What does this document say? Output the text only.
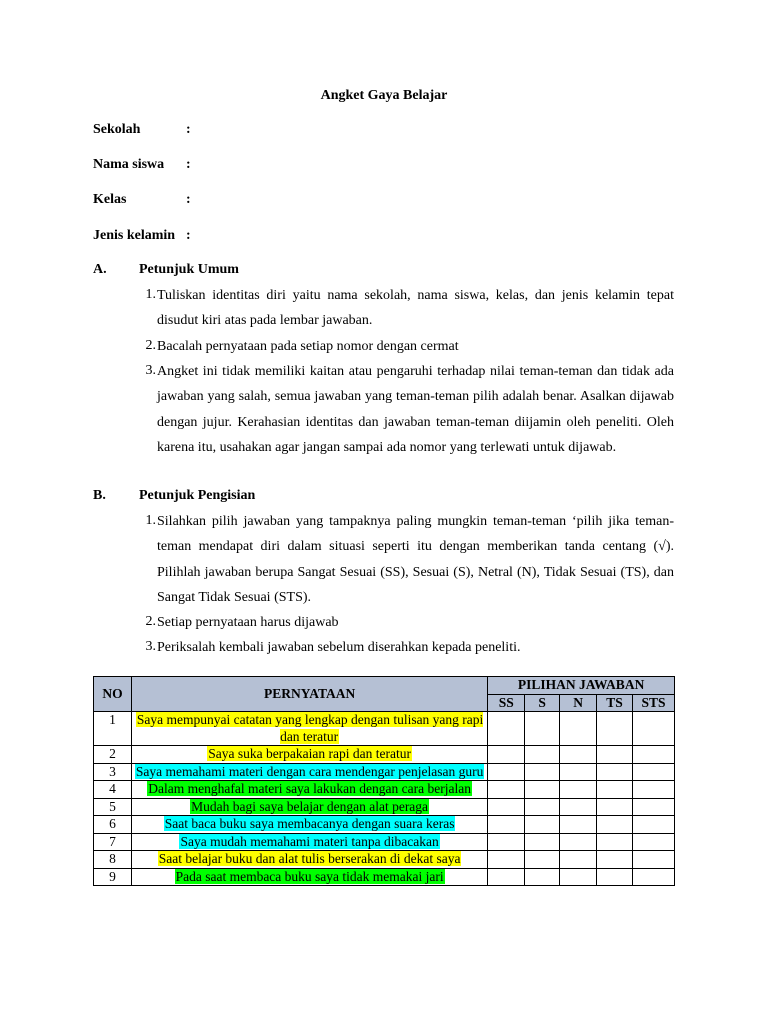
Angket Gaya Belajar
Sekolah	:
Nama siswa :
Kelas	:
Jenis kelamin :
A. Petunjuk Umum
1. Tuliskan identitas diri yaitu nama sekolah, nama siswa, kelas, dan jenis kelamin tepat disudut kiri atas pada lembar jawaban.
2. Bacalah pernyataan pada setiap nomor dengan cermat
3. Angket ini tidak memiliki kaitan atau pengaruhi terhadap nilai teman-teman dan tidak ada jawaban yang salah, semua jawaban yang teman-teman pilih adalah benar. Asalkan dijawab dengan jujur. Kerahasian identitas dan jawaban teman-teman diijamin oleh peneliti. Oleh karena itu, usahakan agar jangan sampai ada nomor yang terlewati untuk dijawab.
B. Petunjuk Pengisian
1. Silahkan pilih jawaban yang tampaknya paling mungkin teman-teman ‘pilih jika teman-teman mendapat diri dalam situasi seperti itu dengan memberikan tanda centang (√). Pilihlah jawaban berupa Sangat Sesuai (SS), Sesuai (S), Netral (N), Tidak Sesuai (TS), dan Sangat Tidak Sesuai (STS).
2. Setiap pernyataan harus dijawab
3. Periksalah kembali jawaban sebelum diserahkan kepada peneliti.
NO	PERNYATAAN	PILIHAN JAWABAN				
		SS	S	N	TS	STS
1	Saya mempunyai catatan yang lengkap dengan tulisan yang rapi dan teratur					
2	Saya suka berpakaian rapi dan teratur					
3	Saya memahami materi dengan cara mendengar penjelasan guru					
4	Dalam menghafal materi saya lakukan dengan cara berjalan					
5	Mudah bagi saya belajar dengan alat peraga					
6	Saat baca buku saya membacanya dengan suara keras					
7	Saya mudah memahami materi tanpa dibacakan					
8	Saat belajar buku dan alat tulis berserakan di dekat saya					
9	Pada saat membaca buku saya tidak memakai jari					
